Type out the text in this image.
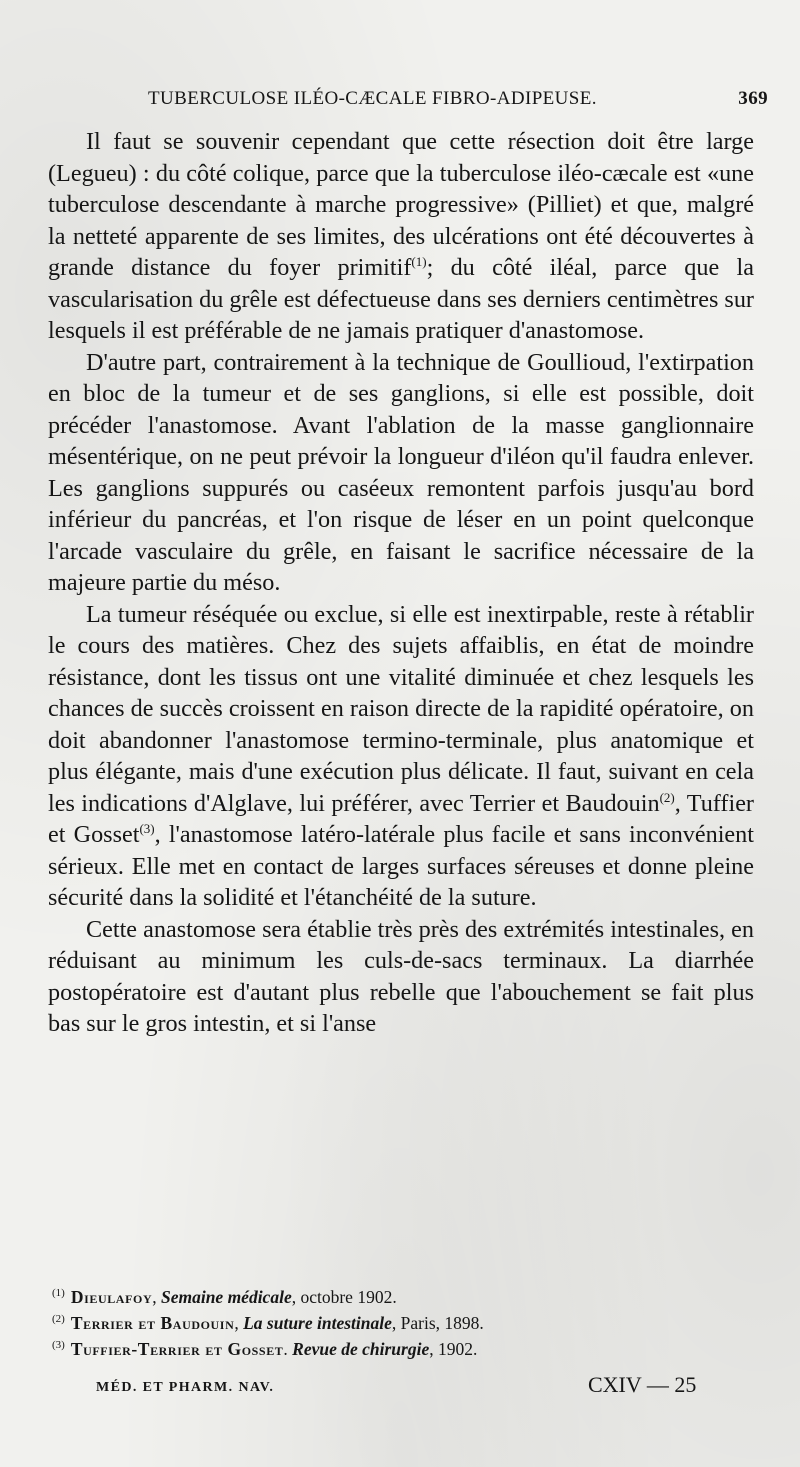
TUBERCULOSE ILÉO-CÆCALE FIBRO-ADIPEUSE.	369

Il faut se souvenir cependant que cette résection doit être large (Legueu) : du côté colique, parce que la tuberculose iléo-cæcale est «une tuberculose descendante à marche progressive» (Pilliet) et que, malgré la netteté apparente de ses limites, des ulcérations ont été découvertes à grande distance du foyer primitif$^{(1)}$; du côté iléal, parce que la vascularisation du grêle est défectueuse dans ses derniers centimètres sur lesquels il est préférable de ne jamais pratiquer d'anastomose.

D'autre part, contrairement à la technique de Goullioud, l'extirpation en bloc de la tumeur et de ses ganglions, si elle est possible, doit précéder l'anastomose. Avant l'ablation de la masse ganglionnaire mésentérique, on ne peut prévoir la longueur d'iléon qu'il faudra enlever. Les ganglions suppurés ou caséeux remontent parfois jusqu'au bord inférieur du pancréas, et l'on risque de léser en un point quelconque l'arcade vasculaire du grêle, en faisant le sacrifice nécessaire de la majeure partie du méso.

La tumeur réséquée ou exclue, si elle est inextirpable, reste à rétablir le cours des matières. Chez des sujets affaiblis, en état de moindre résistance, dont les tissus ont une vitalité diminuée et chez lesquels les chances de succès croissent en raison directe de la rapidité opératoire, on doit abandonner l'anastomose termino-terminale, plus anatomique et plus élégante, mais d'une exécution plus délicate. Il faut, suivant en cela les indications d'Alglave, lui préférer, avec Terrier et Baudouin$^{(2)}$, Tuffier et Gosset$^{(3)}$, l'anastomose latéro-latérale plus facile et sans inconvénient sérieux. Elle met en contact de larges surfaces séreuses et donne pleine sécurité dans la solidité et l'étanchéité de la suture.

Cette anastomose sera établie très près des extrémités intestinales, en réduisant au minimum les culs-de-sacs terminaux. La diarrhée postopératoire est d'autant plus rebelle que l'abouchement se fait plus bas sur le gros intestin, et si l'anse

$^{(1)}$ Dieulafoy, Semaine médicale, octobre 1902.

$^{(2)}$ Terrier et Baudouin, La suture intestinale, Paris, 1898.

$^{(3)}$ Tuffier-Terrier et Gosset. Revue de chirurgie, 1902.

MÉD. ET PHARM. NAV.	CXIV — 25
